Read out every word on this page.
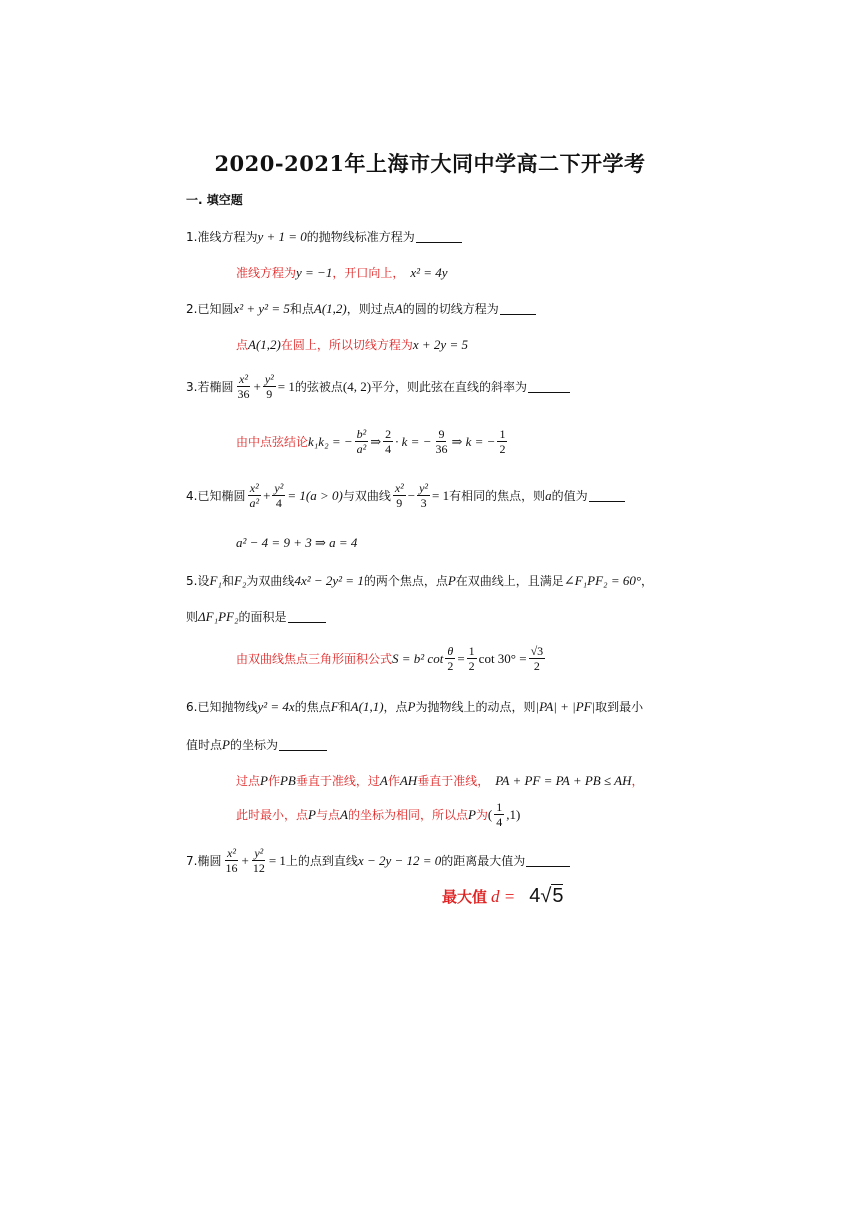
2020-2021年上海市大同中学高二下开学考
一. 填空题
1. 准线方程为 y + 1 = 0 的抛物线标准方程为
准线方程为 y = −1 ，开口向上， x² = 4y
2. 已知圆 x² + y² = 5 和点 A(1,2) ，则过点 A 的圆的切线方程为
点 A(1,2) 在圆上，所以切线方程为 x + 2y = 5
3. 若椭圆 $\frac{\text{x²}}{36} + \frac{\text{y²}}{9} = 1$ 的弦被点 (4, 2) 平分，则此弦在直线的斜率为
由中点弦结论 k₁k₂ = − $\frac{\text{b²}}{\text{a²}}$ ⇒ $\frac{2}{4} \cdot k$ = − $\frac{9}{36}$ ⇒ k = − $\frac{1}{2}$
4. 已知椭圆 $\frac{\text{x²}}{\text{a²}} + \frac{\text{y²}}{4} = 1(a > 0)$ 与双曲线 $\frac{\text{x²}}{9} - \frac{\text{y²}}{3} = 1$ 有相同的焦点，则 a 的值为
a² − 4 = 9 + 3 ⇒ a = 4
5. 设 F₁ 和 F₂ 为双曲线 4x² − 2y² = 1 的两个焦点，点 P 在双曲线上，且满足 ∠F₁PF₂ = 60° ，
则 ΔF₁PF₂ 的面积是
由双曲线焦点三角形面积公式 S = b² $\cot \frac{\theta}{2} = \frac{1}{2}$ $\cot 30^\circ = \frac{√3}{2}$
6. 已知抛物线 y² = 4x 的焦点 F 和 A(1,1) ，点 P 为抛物线上的动点，则 |PA| + |PF| 取到最小
值时点 P 的坐标为
过点 P 作 PB 垂直于准线，过 A 作 AH 垂直于准线， PA + PF = PA + PB ≤ AH ，
此时最小，点 P 与点 A 的坐标为相同，所以点 P 为 ( $\frac{1}{4} ,1$)
7. 椭圆 $\frac{\text{x²}}{16} + \frac{\text{y²}}{12} = 1$ 上的点到直线 x − 2y − 12 = 0 的距离最大值为
最大值 d = 4√5
